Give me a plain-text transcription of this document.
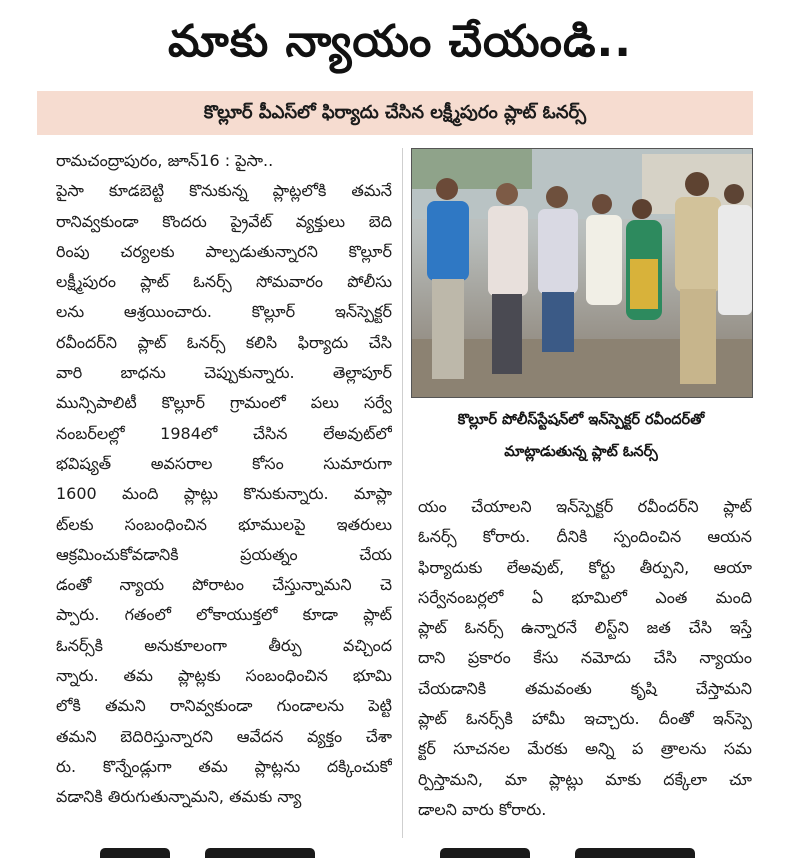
మాకు న్యాయం చేయండి..
కొల్లూర్‌ పీఎస్‌లో ఫిర్యాదు చేసిన లక్ష్మీపురం ప్లాట్‌ ఓనర్స్‌
కొల్లూర్‌ పోలీస్‌స్టేషన్‌లో ఇన్‌స్పెక్టర్‌ రవీందర్‌తో
మాట్లాడుతున్న ప్లాట్‌ ఓనర్స్‌
రామచంద్రాపురం, జూన్‌16 : పైసా..
పైసా కూడబెట్టి కొనుకున్న ప్లాట్లలోకి తమనే
రానివ్వకుండా కొందరు ప్రైవేట్‌ వ్యక్తులు బెది
రింపు చర్యలకు పాల్పడుతున్నారని కొల్లూర్‌
లక్ష్మీపురం ప్లాట్‌ ఓనర్స్‌ సోమవారం పోలీసు
లను ఆశ్రయించారు. కొల్లూర్‌ ఇన్‌స్పెక్టర్‌
రవీందర్‌ని ప్లాట్‌ ఓనర్స్‌ కలిసి ఫిర్యాదు చేసి
వారి బాధను చెప్పుకున్నారు. తెల్లాపూర్‌
మున్సిపాలిటీ కొల్లూర్‌ గ్రామంలో పలు సర్వే
నంబర్‌లల్లో 1984లో చేసిన లేఅవుట్‌లో
భవిష్యత్‌ అవసరాల కోసం సుమారుగా
1600 మంది ప్లాట్లు కొనుకున్నారు. మాప్లా
ట్‌లకు సంబంధించిన భూములపై ఇతరులు
ఆక్రమించుకోవడానికి ప్రయత్నం చేయ
డంతో న్యాయ పోరాటం చేస్తున్నామని చె
ప్పారు. గతంలో లోకాయుక్తలో కూడా ప్లాట్‌
ఓనర్స్‌కి అనుకూలంగా తీర్పు వచ్చింద
న్నారు. తమ ప్లాట్లకు సంబంధించిన భూమి
లోకి తమని రానివ్వకుండా గుండాలను పెట్టి
తమని బెదిరిస్తున్నారని ఆవేదన వ్యక్తం చేశా
రు. కొన్నేండ్లుగా తమ ప్లాట్లను దక్కించుకో
వడానికి తిరుగుతున్నామని, తమకు న్యా
యం చేయాలని ఇన్‌స్పెక్టర్‌ రవీందర్‌ని ప్లాట్‌
ఓనర్స్‌ కోరారు. దీనికి స్పందించిన ఆయన
ఫిర్యాదుకు లేఅవుట్‌, కోర్టు తీర్పుని, ఆయా
సర్వేనంబర్లలో ఏ భూమిలో ఎంత మంది
ప్లాట్‌ ఓనర్స్‌ ఉన్నారనే లిస్ట్‌ని జత చేసి ఇస్తే
దాని ప్రకారం కేసు నమోదు చేసి న్యాయం
చేయడానికి తమవంతు కృషి చేస్తామని
ప్లాట్‌ ఓనర్స్‌కి హామీ ఇచ్చారు. దీంతో ఇన్‌స్పె
క్టర్‌ సూచనల మేరకు అన్ని ప త్రాలను సమ
ర్పిస్తామని, మా ప్లాట్లు మాకు దక్కేలా చూ
డాలని వారు కోరారు.
